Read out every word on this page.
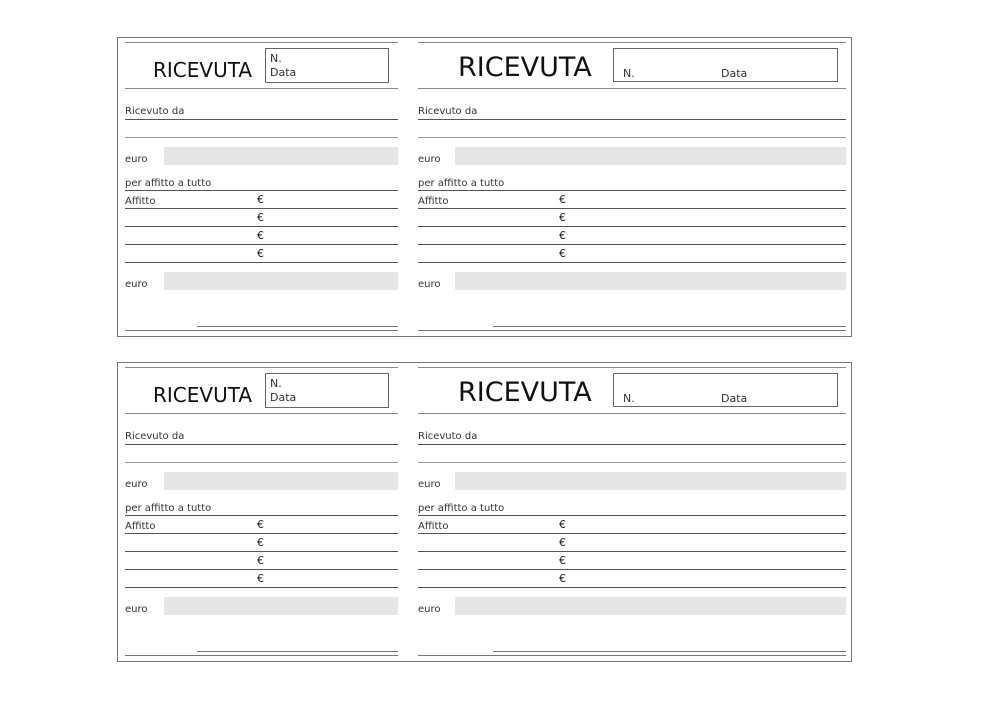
RICEVUTA N.
Data
Ricevuto da
euro
per affitto a tutto
Affitto	€
€
€
€
euro
RICEVUTA	N.	Data
Ricevuto da
euro
per affitto a tutto
Affitto	€
€
€
€
euro
RICEVUTA N.
Data
Ricevuto da
euro
per affitto a tutto
Affitto	€
€
€
€
euro
RICEVUTA	N.	Data
Ricevuto da
euro
per affitto a tutto
Affitto	€
€
€
€
euro
